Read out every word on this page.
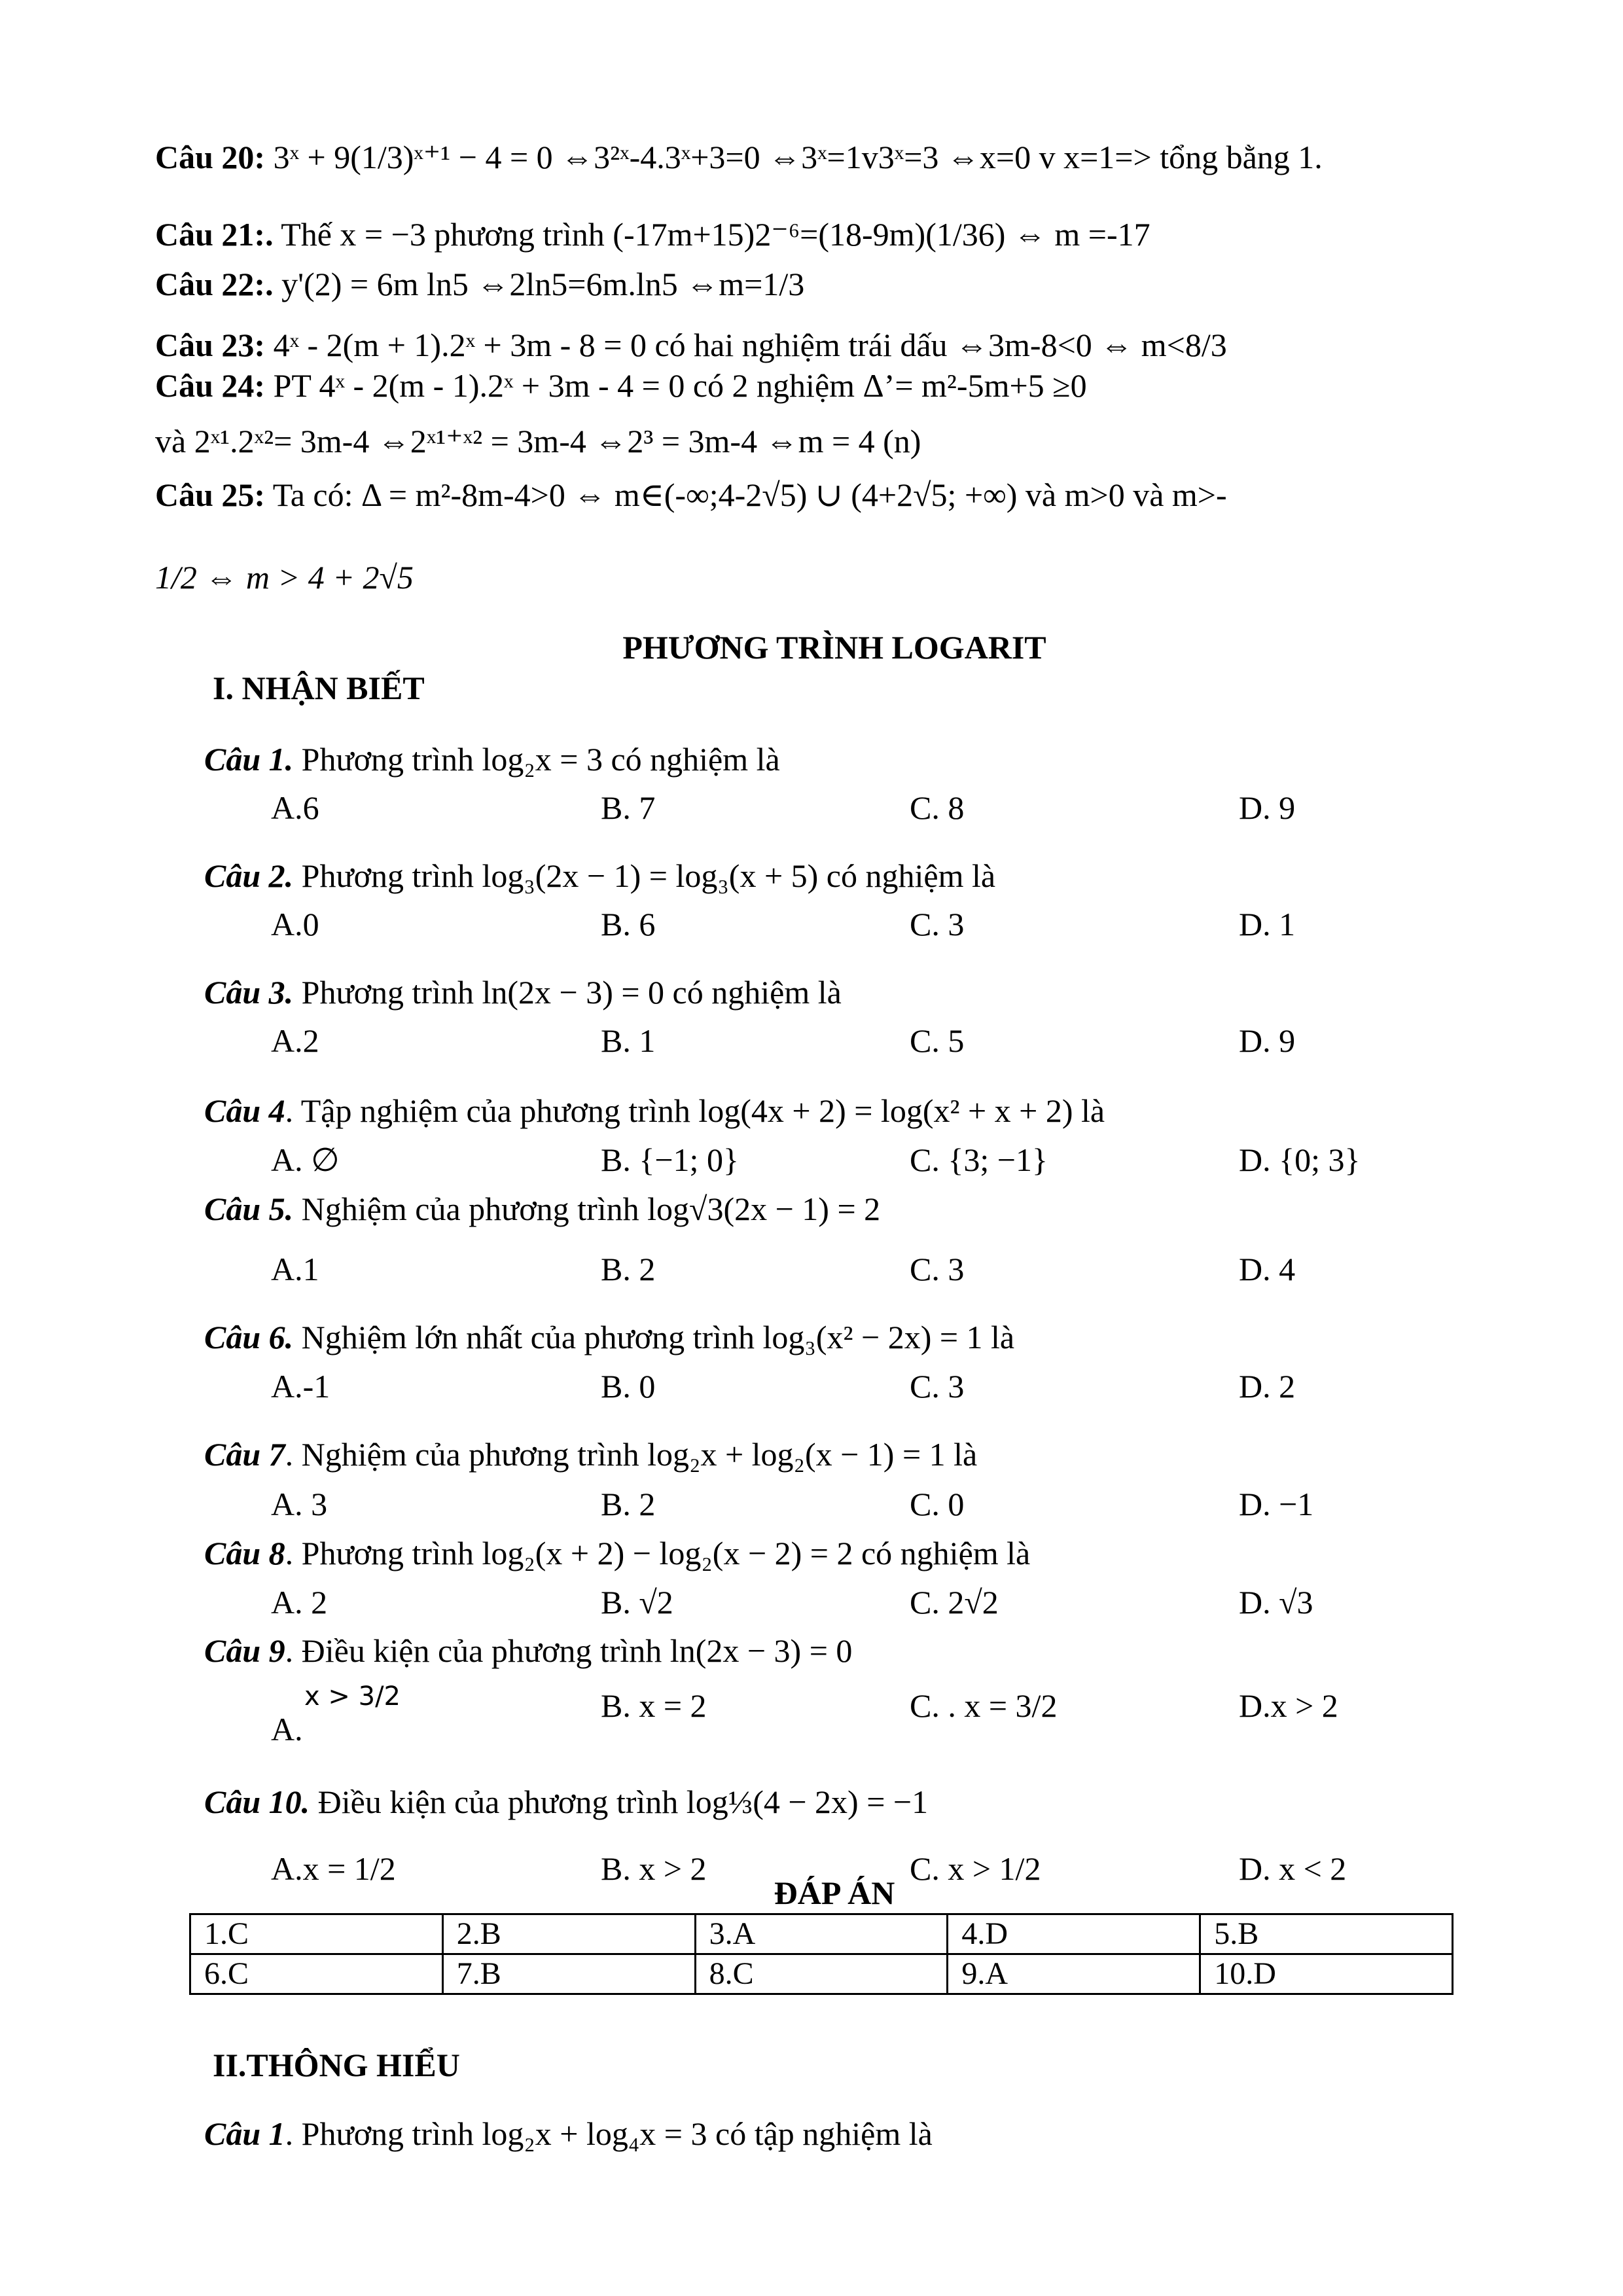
Câu 20: 3ˣ + 9(1/3)ˣ⁺¹ − 4 = 0 ⇔3²ˣ-4.3ˣ+3=0 ⇔3ˣ=1v3ˣ=3 ⇔x=0 v x=1=> tổng bằng 1.
Câu 21:. Thế x = −3 phương trình (-17m+15)2⁻⁶=(18-9m)(1/36) ⇔ m =-17
Câu 22:. y'(2) = 6m ln5 ⇔2ln5=6m.ln5 ⇔m=1/3
Câu 23: 4ˣ - 2(m + 1).2ˣ + 3m - 8 = 0 có hai nghiệm trái dấu ⇔3m-8<0 ⇔ m<8/3
Câu 24: PT 4ˣ - 2(m - 1).2ˣ + 3m - 4 = 0 có 2 nghiệm Δ’= m²-5m+5 ≥0
và 2ˣ¹.2ˣ²= 3m-4 ⇔2ˣ¹⁺ˣ² = 3m-4 ⇔2³ = 3m-4 ⇔m = 4 (n)
Câu 25: Ta có: Δ = m²-8m-4>0 ⇔ m∈(-∞;4-2√5) ∪ (4+2√5; +∞) và m>0 và m>-
1/2 ⇔ m > 4 + 2√5
PHƯƠNG TRÌNH LOGARIT
I. NHẬN BIẾT
Câu 1. Phương trình log₂x = 3 có nghiệm là
A.6	B. 7	C. 8	D. 9
Câu 2. Phương trình log₃(2x − 1) = log₃(x + 5) có nghiệm là
A.0	B. 6	C. 3	D. 1
Câu 3. Phương trình ln(2x − 3) = 0 có nghiệm là
A.2	B. 1	C. 5	D. 9
Câu 4. Tập nghiệm của phương trình log(4x + 2) = log(x² + x + 2) là
A. ∅	B. {−1; 0}	C. {3; −1}	D. {0; 3}
Câu 5. Nghiệm của phương trình log√3(2x − 1) = 2
A.1	B. 2	C. 3	D. 4
Câu 6. Nghiệm lớn nhất của phương trình log₃(x² − 2x) = 1 là
A.-1	B. 0	C. 3	D. 2
Câu 7. Nghiệm của phương trình log₂x + log₂(x − 1) = 1 là
A. 3	B. 2	C. 0	D. −1
Câu 8. Phương trình log₂(x + 2) − log₂(x − 2) = 2 có nghiệm là
A. 2	B. √2	C. 2√2	D. √3
Câu 9. Điều kiện của phương trình ln(2x − 3) = 0
A.
x > 3/2	B. x = 2	C. . x = 3/2	D.x > 2
Câu 10. Điều kiện của phương trình log⅓(4 − 2x) = −1
A.x = 1/2	B. x > 2	C. x > 1/2	D. x < 2
ĐÁP ÁN
1.C	2.B	3.A	4.D	5.B
6.C	7.B	8.C	9.A	10.D
II.THÔNG HIỂU
Câu 1. Phương trình log₂x + log₄x = 3 có tập nghiệm là
